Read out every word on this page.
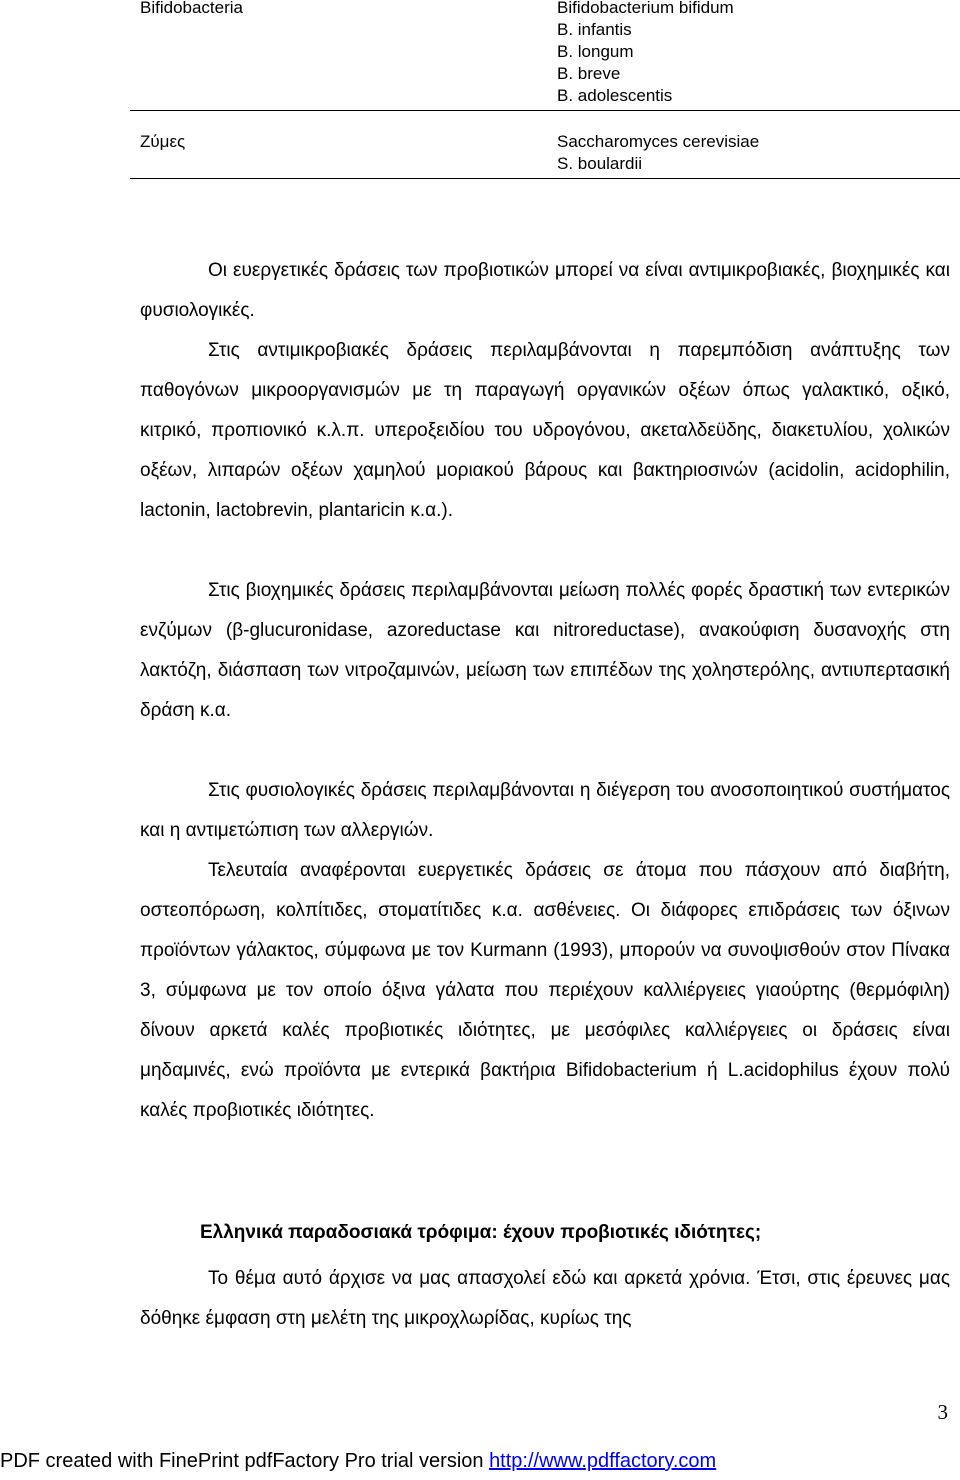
Bifidobacteria	Bifidobacterium bifidum
B. infantis
B. longum
B. breve
B. adolescentis
Ζύμες	Saccharomyces cerevisiae
S. boulardii

Οι ευεργετικές δράσεις των προβιοτικών μπορεί να είναι αντιμικροβιακές, βιοχημικές και φυσιολογικές.

Στις αντιμικροβιακές δράσεις περιλαμβάνονται η παρεμπόδιση ανάπτυξης των παθογόνων μικροοργανισμών με τη παραγωγή οργανικών οξέων όπως γαλακτικό, οξικό, κιτρικό, προπιονικό κ.λ.π. υπεροξειδίου του υδρογόνου, ακεταλδεϋδης, διακετυλίου, χολικών οξέων, λιπαρών οξέων χαμηλού μοριακού βάρους και βακτηριοσινών (acidolin, acidophilin, lactonin, lactobrevin, plantaricin κ.α.).

Στις βιοχημικές δράσεις περιλαμβάνονται μείωση πολλές φορές δραστική των εντερικών ενζύμων (β-glucuronidase, azoreductase και nitroreductase), ανακούφιση δυσανοχής στη λακτόζη, διάσπαση των νιτροζαμινών, μείωση των επιπέδων της χοληστερόλης, αντιυπερτασική δράση κ.α.

Στις φυσιολογικές δράσεις περιλαμβάνονται η διέγερση του ανοσοποιητικού συστήματος και η αντιμετώπιση των αλλεργιών.

Τελευταία αναφέρονται ευεργετικές δράσεις σε άτομα που πάσχουν από διαβήτη, οστεοπόρωση, κολπίτιδες, στοματίτιδες κ.α. ασθένειες. Οι διάφορες επιδράσεις των όξινων προϊόντων γάλακτος, σύμφωνα με τον Kurmann (1993), μπορούν να συνοψισθούν στον Πίνακα 3, σύμφωνα με τον οποίο όξινα γάλατα που περιέχουν καλλιέργειες γιαούρτης (θερμόφιλη) δίνουν αρκετά καλές προβιοτικές ιδιότητες, με μεσόφιλες καλλιέργειες οι δράσεις είναι μηδαμινές, ενώ προϊόντα με εντερικά βακτήρια Bifidobacterium ή L.acidophilus έχουν πολύ καλές προβιοτικές ιδιότητες.

Ελληνικά παραδοσιακά τρόφιμα: έχουν προβιοτικές ιδιότητες;

Το θέμα αυτό άρχισε να μας απασχολεί εδώ και αρκετά χρόνια. Έτσι, στις έρευνες μας δόθηκε έμφαση στη μελέτη της μικροχλωρίδας, κυρίως της

3
PDF created with FinePrint pdfFactory Pro trial version http://www.pdffactory.com
